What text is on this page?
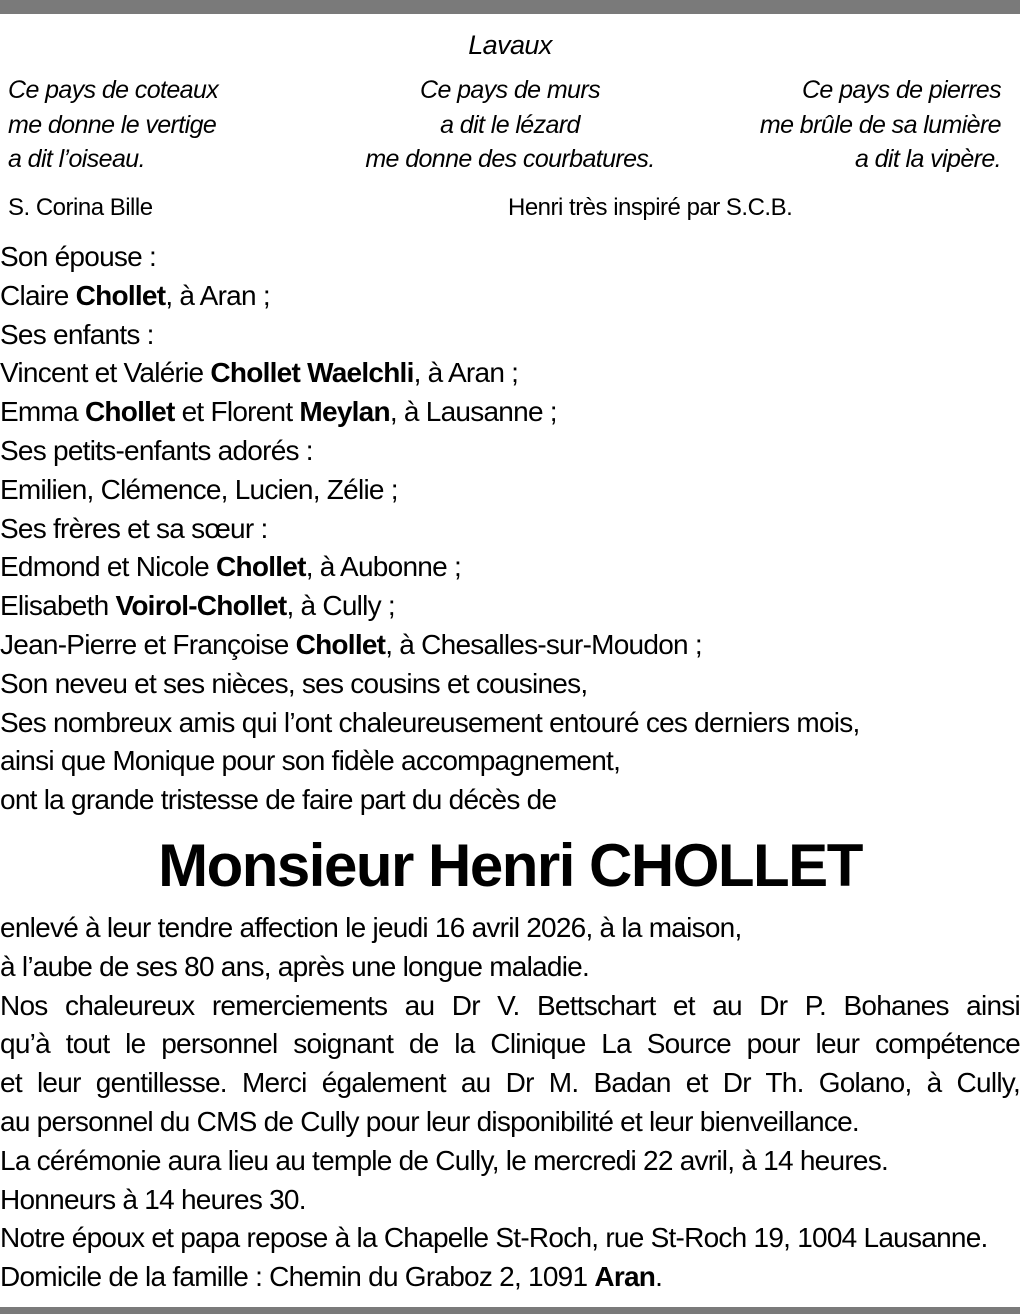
Lavaux
Ce pays de coteaux
me donne le vertige
a dit l’oiseau.
Ce pays de murs
a dit le lézard
me donne des courbatures.
Ce pays de pierres
me brûle de sa lumière
a dit la vipère.
S. Corina Bille	Henri très inspiré par S.C.B.
Son épouse :
Claire Chollet, à Aran ;
Ses enfants :
Vincent et Valérie Chollet Waelchli, à Aran ;
Emma Chollet et Florent Meylan, à Lausanne ;
Ses petits-enfants adorés :
Emilien, Clémence, Lucien, Zélie ;
Ses frères et sa sœur :
Edmond et Nicole Chollet, à Aubonne ;
Elisabeth Voirol-Chollet, à Cully ;
Jean-Pierre et Françoise Chollet, à Chesalles-sur-Moudon ;
Son neveu et ses nièces, ses cousins et cousines,
Ses nombreux amis qui l’ont chaleureusement entouré ces derniers mois,
ainsi que Monique pour son fidèle accompagnement,
ont la grande tristesse de faire part du décès de
Monsieur Henri CHOLLET
enlevé à leur tendre affection le jeudi 16 avril 2026, à la maison,
à l’aube de ses 80 ans, après une longue maladie.
Nos chaleureux remerciements au Dr V. Bettschart et au Dr P. Bohanes ainsi
qu’à tout le personnel soignant de la Clinique La Source pour leur compétence
et leur gentillesse. Merci également au Dr M. Badan et Dr Th. Golano, à Cully,
au personnel du CMS de Cully pour leur disponibilité et leur bienveillance.
La cérémonie aura lieu au temple de Cully, le mercredi 22 avril, à 14 heures.
Honneurs à 14 heures 30.
Notre époux et papa repose à la Chapelle St-Roch, rue St-Roch 19, 1004 Lausanne.
Domicile de la famille : Chemin du Graboz 2, 1091 Aran.
